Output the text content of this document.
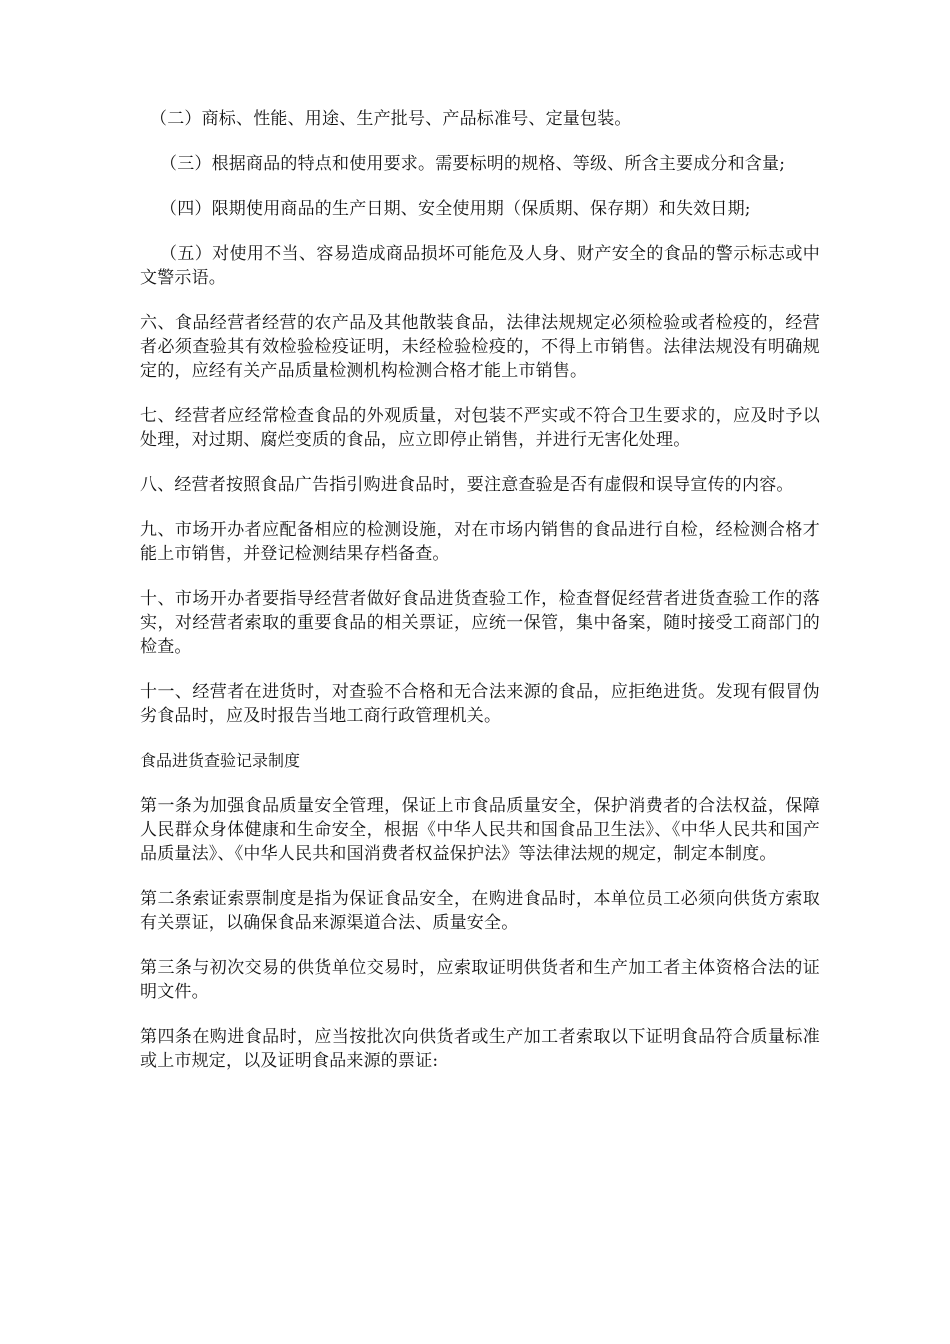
（二）商标、性能、用途、生产批号、产品标准号、定量包装。

（三）根据商品的特点和使用要求。需要标明的规格、等级、所含主要成分和含量;

（四）限期使用商品的生产日期、安全使用期（保质期、保存期）和失效日期;

（五）对使用不当、容易造成商品损坏可能危及人身、财产安全的食品的警示标志或中文警示语。

六、食品经营者经营的农产品及其他散装食品，法律法规规定必须检验或者检疫的，经营者必须查验其有效检验检疫证明，未经检验检疫的，不得上市销售。法律法规没有明确规定的，应经有关产品质量检测机构检测合格才能上市销售。

七、经营者应经常检查食品的外观质量，对包装不严实或不符合卫生要求的，应及时予以处理，对过期、腐烂变质的食品，应立即停止销售，并进行无害化处理。

八、经营者按照食品广告指引购进食品时，要注意查验是否有虚假和误导宣传的内容。

九、市场开办者应配备相应的检测设施，对在市场内销售的食品进行自检，经检测合格才能上市销售，并登记检测结果存档备查。

十、市场开办者要指导经营者做好食品进货查验工作，检查督促经营者进货查验工作的落实，对经营者索取的重要食品的相关票证，应统一保管，集中备案，随时接受工商部门的检查。

十一、经营者在进货时，对查验不合格和无合法来源的食品，应拒绝进货。发现有假冒伪劣食品时，应及时报告当地工商行政管理机关。

食品进货查验记录制度

第一条为加强食品质量安全管理，保证上市食品质量安全，保护消费者的合法权益，保障人民群众身体健康和生命安全，根据《中华人民共和国食品卫生法》、《中华人民共和国产品质量法》、《中华人民共和国消费者权益保护法》等法律法规的规定，制定本制度。

第二条索证索票制度是指为保证食品安全，在购进食品时，本单位员工必须向供货方索取有关票证，以确保食品来源渠道合法、质量安全。

第三条与初次交易的供货单位交易时，应索取证明供货者和生产加工者主体资格合法的证明文件。

第四条在购进食品时，应当按批次向供货者或生产加工者索取以下证明食品符合质量标准或上市规定，以及证明食品来源的票证:
